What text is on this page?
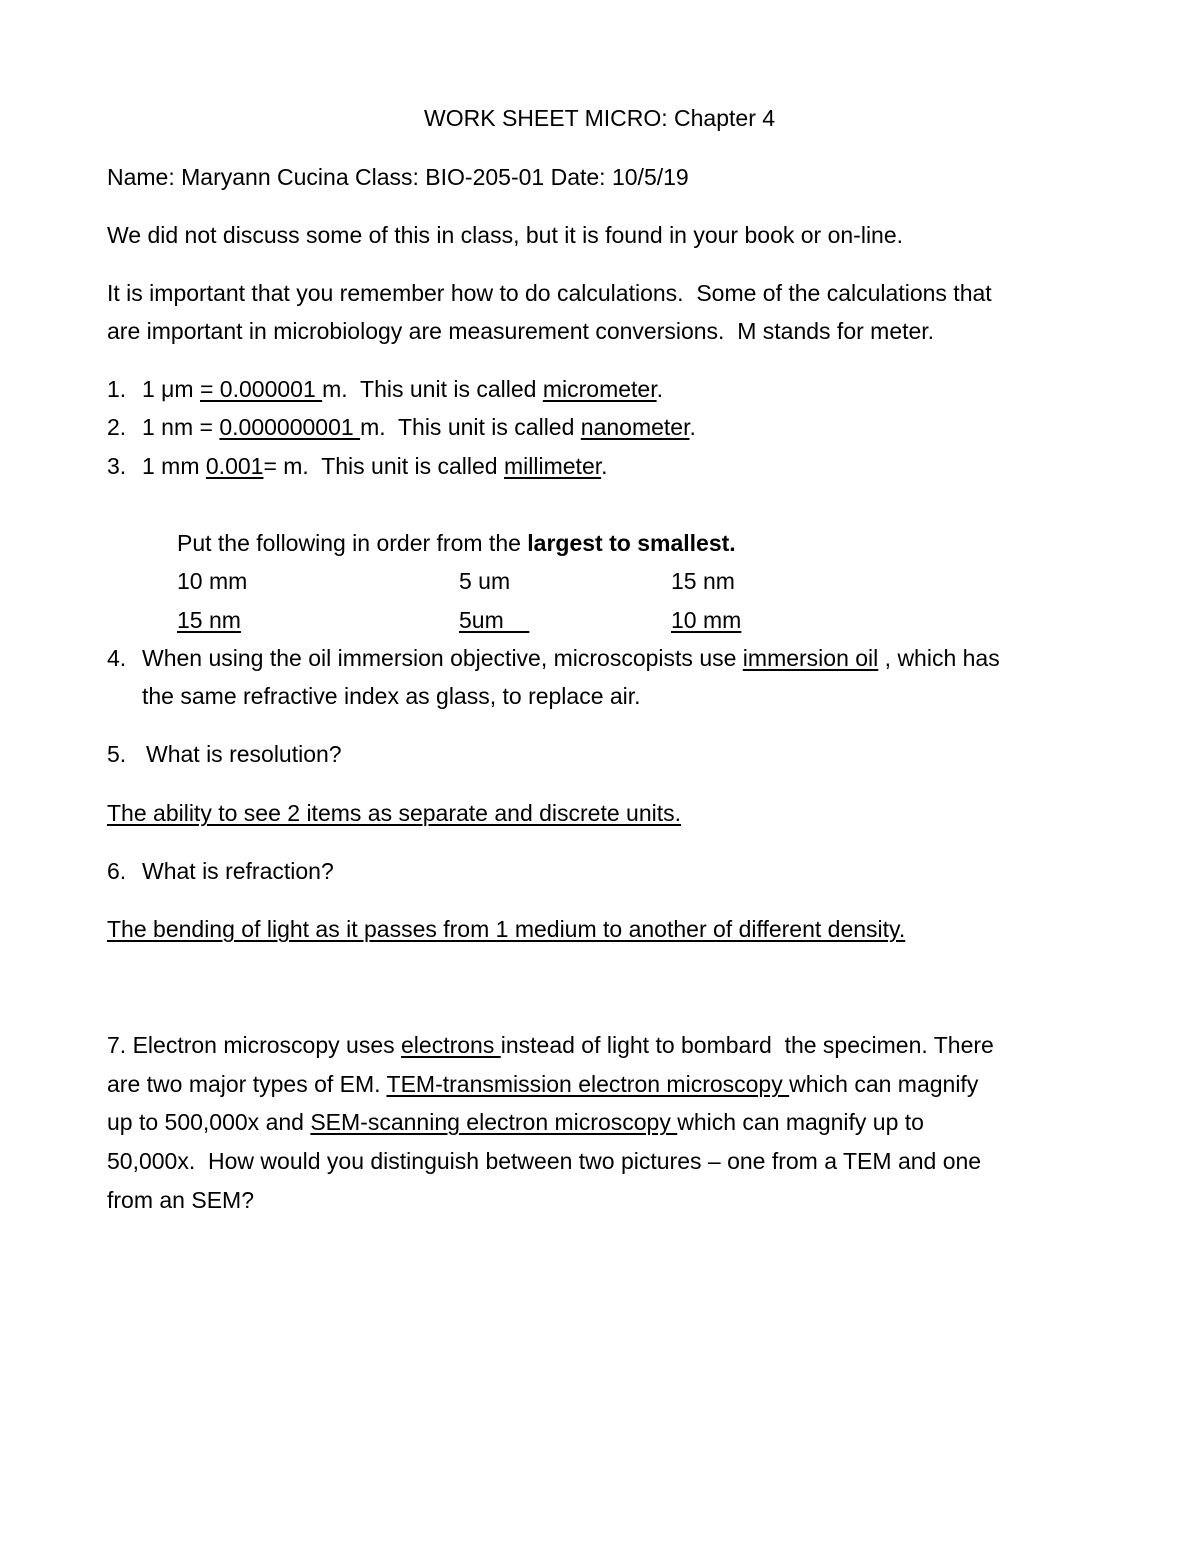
WORK SHEET MICRO: Chapter 4
Name: Maryann Cucina Class: BIO-205-01 Date: 10/5/19
We did not discuss some of this in class, but it is found in your book or on-line.
It is important that you remember how to do calculations.  Some of the calculations that
are important in microbiology are measurement conversions.  M stands for meter.
1. 1 μm = 0.000001 m.  This unit is called micrometer.
2. 1 nm = 0.000000001 m.  This unit is called nanometer.
3. 1 mm 0.001= m.  This unit is called millimeter.
Put the following in order from the largest to smallest.
10 mm	5 um	15 nm
15 nm	5um	10 mm
4. When using the oil immersion objective, microscopists use immersion oil , which has
the same refractive index as glass, to replace air.
5. What is resolution?
The ability to see 2 items as separate and discrete units.
6. What is refraction?
The bending of light as it passes from 1 medium to another of different density.
7. Electron microscopy uses electrons instead of light to bombard  the specimen. There
are two major types of EM. TEM-transmission electron microscopy which can magnify
up to 500,000x and SEM-scanning electron microscopy which can magnify up to
50,000x.  How would you distinguish between two pictures – one from a TEM and one
from an SEM?
